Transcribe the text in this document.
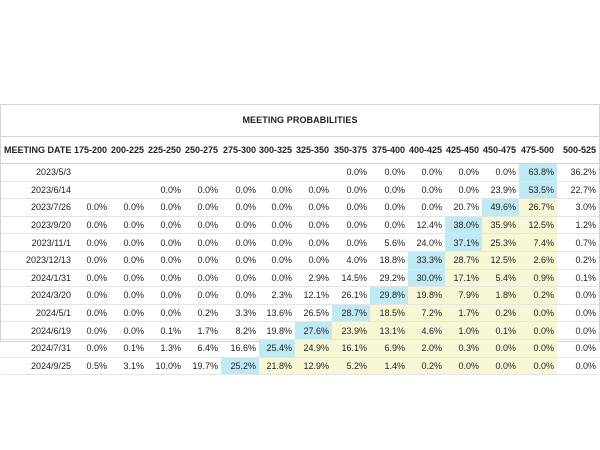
MEETING PROBABILITIES
MEETING DATE	175-200	200-225	225-250	250-275	275-300	300-325	325-350	350-375	375-400	400-425	425-450	450-475	475-500	500-525
2023/5/3								0.0%	0.0%	0.0%	0.0%	0.0%	63.8%	36.2%
2023/6/14			0.0%	0.0%	0.0%	0.0%	0.0%	0.0%	0.0%	0.0%	0.0%	23.9%	53.5%	22.7%
2023/7/26	0.0%	0.0%	0.0%	0.0%	0.0%	0.0%	0.0%	0.0%	0.0%	0.0%	20.7%	49.6%	26.7%	3.0%
2023/9/20	0.0%	0.0%	0.0%	0.0%	0.0%	0.0%	0.0%	0.0%	0.0%	12.4%	38.0%	35.9%	12.5%	1.2%
2023/11/1	0.0%	0.0%	0.0%	0.0%	0.0%	0.0%	0.0%	0.0%	5.6%	24.0%	37.1%	25.3%	7.4%	0.7%
2023/12/13	0.0%	0.0%	0.0%	0.0%	0.0%	0.0%	0.0%	4.0%	18.8%	33.3%	28.7%	12.5%	2.6%	0.2%
2024/1/31	0.0%	0.0%	0.0%	0.0%	0.0%	0.0%	2.9%	14.5%	29.2%	30.0%	17.1%	5.4%	0.9%	0.1%
2024/3/20	0.0%	0.0%	0.0%	0.0%	0.0%	2.3%	12.1%	26.1%	29.8%	19.8%	7.9%	1.8%	0.2%	0.0%
2024/5/1	0.0%	0.0%	0.0%	0.2%	3.3%	13.6%	26.5%	28.7%	18.5%	7.2%	1.7%	0.2%	0.0%	0.0%
2024/6/19	0.0%	0.0%	0.1%	1.7%	8.2%	19.8%	27.6%	23.9%	13.1%	4.6%	1.0%	0.1%	0.0%	0.0%
2024/7/31	0.0%	0.1%	1.3%	6.4%	16.6%	25.4%	24.9%	16.1%	6.9%	2.0%	0.3%	0.0%	0.0%	0.0%
2024/9/25	0.5%	3.1%	10.0%	19.7%	25.2%	21.8%	12.9%	5.2%	1.4%	0.2%	0.0%	0.0%	0.0%	0.0%
